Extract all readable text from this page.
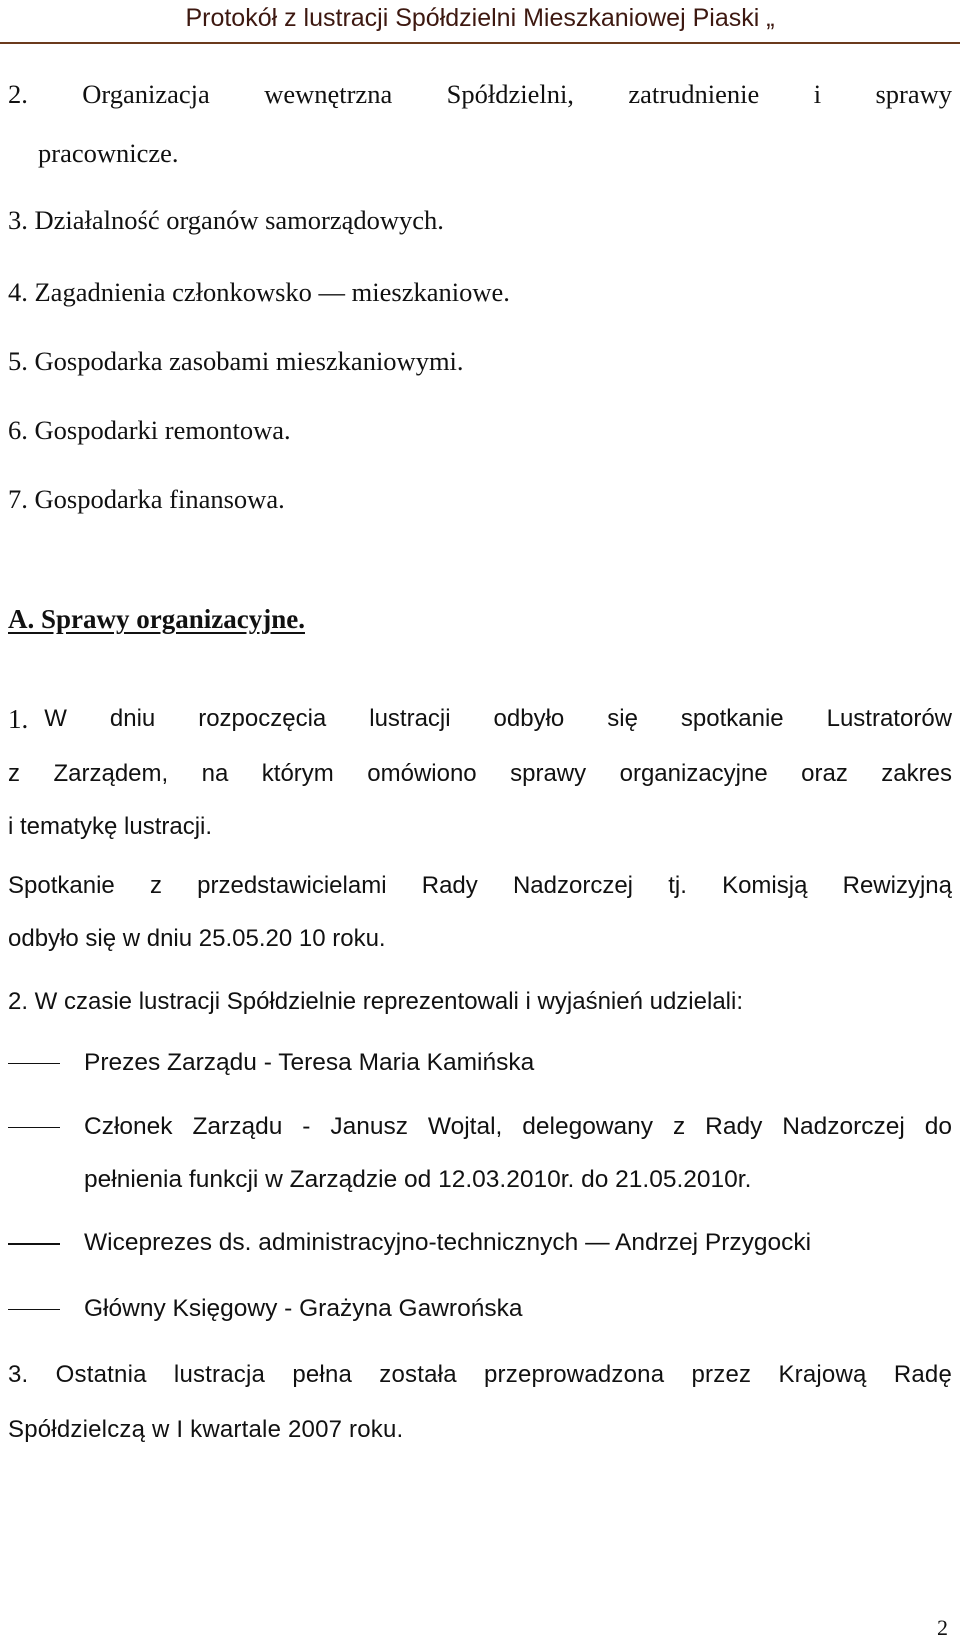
Protokół z lustracji Spółdzielni Mieszkaniowej Piaski „
2. Organizacja wewnętrzna Spółdzielni, zatrudnienie i sprawy
pracownicze.
3. Działalność organów samorządowych.
4. Zagadnienia członkowsko — mieszkaniowe.
5. Gospodarka zasobami mieszkaniowymi.
6. Gospodarki remontowa.
7. Gospodarka finansowa.
A. Sprawy organizacyjne.
1. W dniu rozpoczęcia lustracji odbyło się spotkanie Lustratorów
z Zarządem, na którym omówiono sprawy organizacyjne oraz zakres
i tematykę lustracji.
Spotkanie z przedstawicielami Rady Nadzorczej tj. Komisją Rewizyjną
odbyło się w dniu 25.05.20 10 roku.
2. W czasie lustracji Spółdzielnie reprezentowali i wyjaśnień udzielali:
Prezes Zarządu - Teresa Maria Kamińska
Członek Zarządu - Janusz Wojtal, delegowany z Rady Nadzorczej do
pełnienia funkcji w Zarządzie od 12.03.2010r. do 21.05.2010r.
Wiceprezes ds. administracyjno-technicznych — Andrzej Przygocki
Główny Księgowy - Grażyna Gawrońska
3. Ostatnia lustracja pełna została przeprowadzona przez Krajową Radę
Spółdzielczą w I kwartale 2007 roku.
2
